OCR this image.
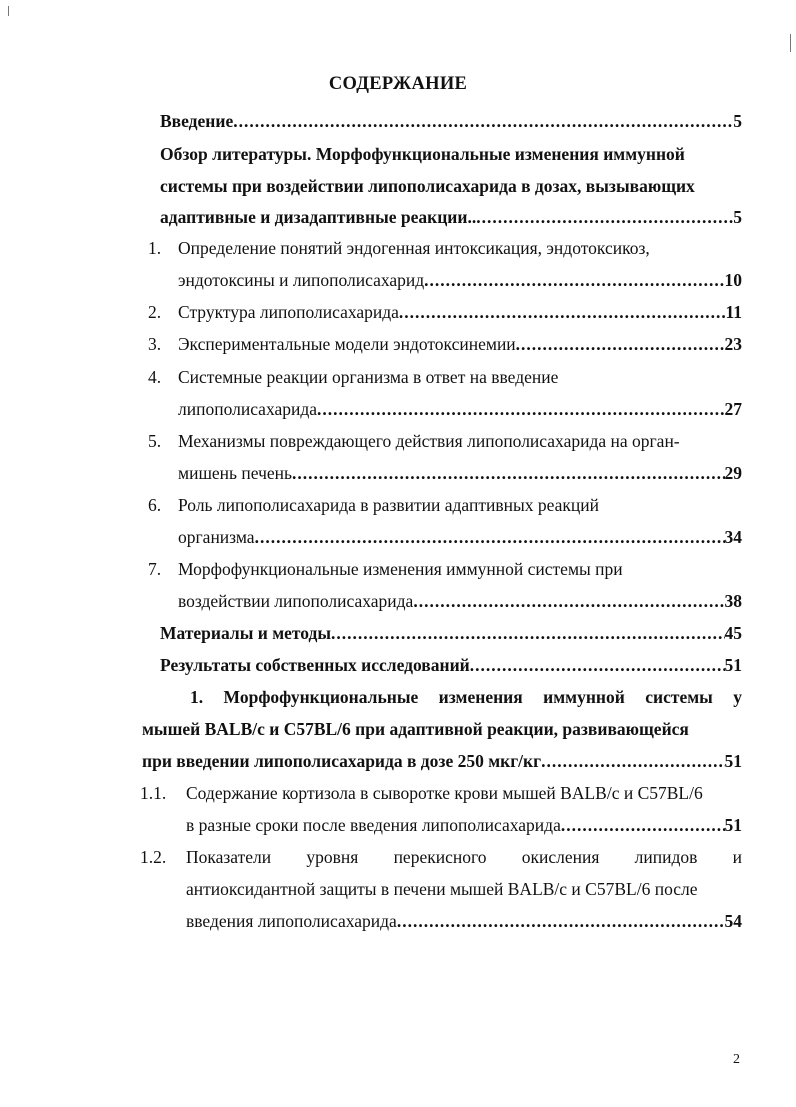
СОДЕРЖАНИЕ
Введение .....	5
Обзор литературы. Морфофункциональные изменения иммунной
системы при воздействии липополисахарида в дозах, вызывающих
адаптивные и дизадаптивные реакции.. .....	5
1. Определение понятий эндогенная интоксикация, эндотоксикоз,
эндотоксины и липополисахарид .....	10
2. Структура липополисахарида .....	11
3. Экспериментальные модели эндотоксинемии .....	23
4. Системные реакции организма в ответ на введение
липополисахарида .....	27
5. Механизмы повреждающего действия липополисахарида на орган-
мишень печень .....	29
6. Роль липополисахарида в развитии адаптивных реакций
организма .....	34
7. Морфофункциональные изменения иммунной системы при
воздействии липополисахарида .....	38
Материалы и методы .....	45
Результаты собственных исследований .....	51
1. Морфофункциональные изменения иммунной системы у
мышей BALB/c и C57BL/6 при адаптивной реакции, развивающейся
при введении липополисахарида в дозе 250 мкг/кг .....	51
1.1. Содержание кортизола в сыворотке крови мышей BALB/c и C57BL/6
в разные сроки после введения липополисахарида .....	51
1.2. Показатели уровня перекисного окисления липидов и
антиоксидантной защиты в печени мышей BALB/c и C57BL/6 после
введения липополисахарида .....	54
2
